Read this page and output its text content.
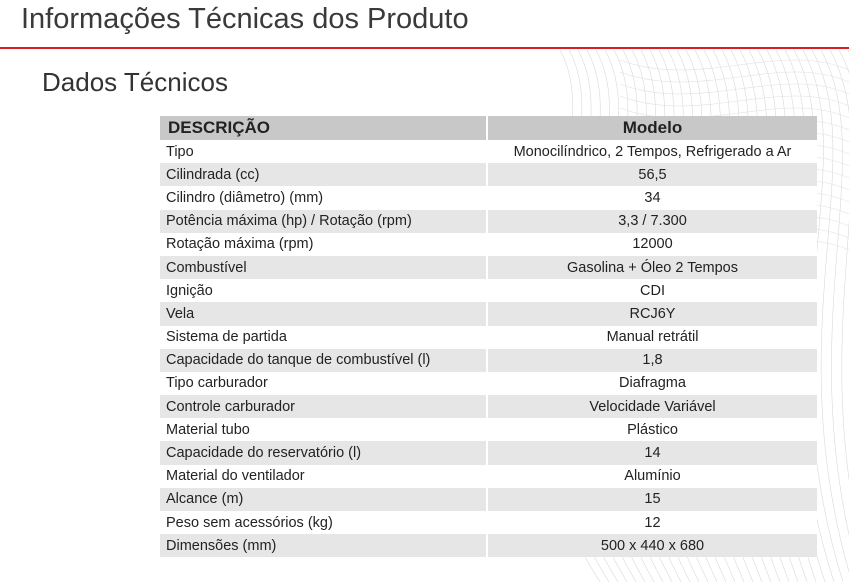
Informações Técnicas dos Produto
Dados Técnicos
DESCRIÇÃO	Modelo
Tipo	Monocilíndrico, 2 Tempos, Refrigerado a Ar
Cilindrada (cc)	56,5
Cilindro (diâmetro) (mm)	34
Potência máxima (hp) / Rotação (rpm)	3,3 / 7.300
Rotação máxima (rpm)	12000
Combustível	Gasolina + Óleo 2 Tempos
Ignição	CDI
Vela	RCJ6Y
Sistema de partida	Manual retrátil
Capacidade do tanque de combustível (l)	1,8
Tipo carburador	Diafragma
Controle carburador	Velocidade Variável
Material tubo	Plástico
Capacidade do reservatório (l)	14
Material do ventilador	Alumínio
Alcance (m)	15
Peso sem acessórios (kg)	12
Dimensões (mm)	500 x 440 x 680
